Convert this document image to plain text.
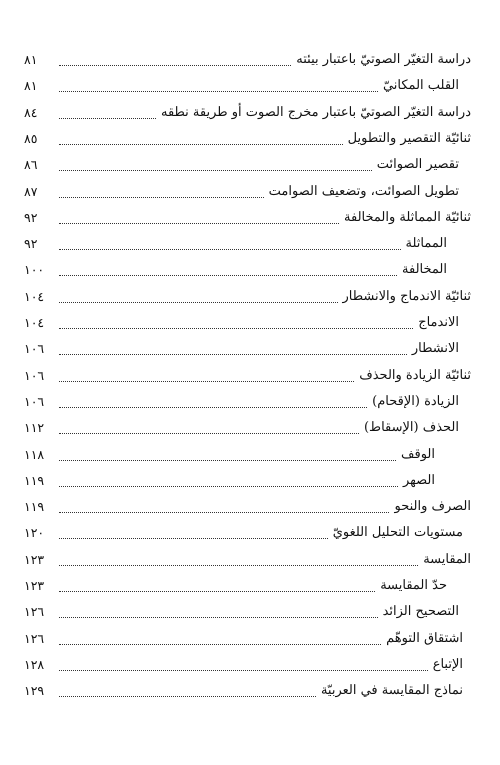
دراسة التغيّر الصوتيّ باعتبار بيئته
٨١
القلب المكانيّ
٨١
دراسة التغيّر الصوتيّ باعتبار مخرج الصوت أو طريقة نطقه
٨٤
ثنائيّة التقصير والتطويل
٨٥
تقصير الصوائت
٨٦
تطويل الصوائت، وتضعيف الصوامت
٨٧
ثنائيّة المماثلة والمخالفة
٩٢
المماثلة
٩٢
المخالفة
١٠٠
ثنائيّة الاندماج والانشطار
١٠٤
الاندماج
١٠٤
الانشطار
١٠٦
ثنائيّة الزيادة والحذف
١٠٦
الزيادة (الإقحام)
١٠٦
الحذف (الإسقاط)
١١٢
الوقف
١١٨
الصهر
١١٩
الصرف والنحو
١١٩
مستويات التحليل اللغويّ
١٢٠
المقايسة
١٢٣
حدّ المقايسة
١٢٣
التصحيح الزائد
١٢٦
اشتقاق التوهّم
١٢٦
الإتباع
١٢٨
نماذج المقايسة في العربيّة
١٢٩
